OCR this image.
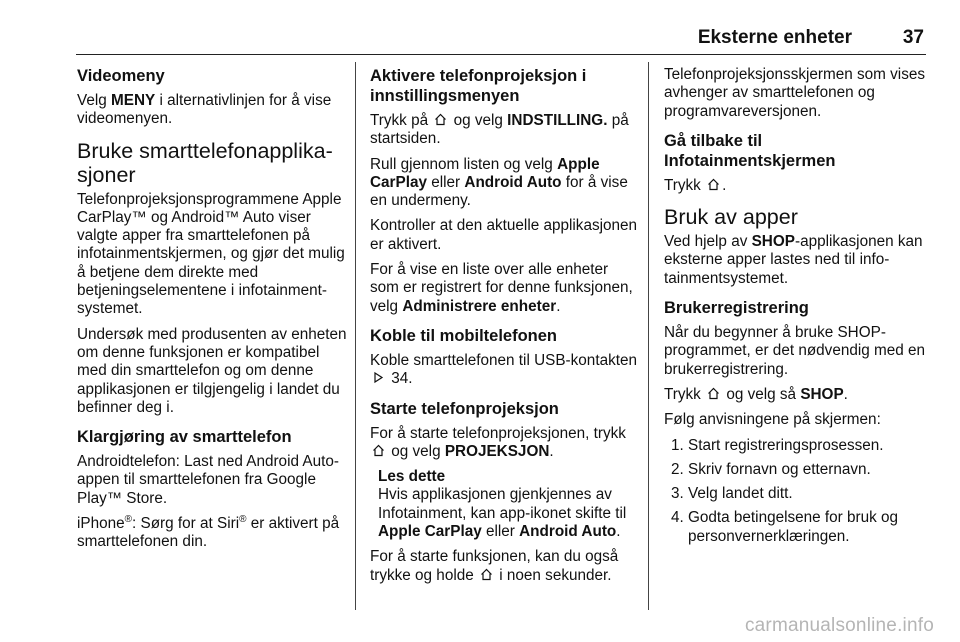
Eksterne enheter	37
Videomeny

Velg MENY i alternativlinjen for å vise videomenyen.

Bruke smarttelefonapplikasjoner

Telefonprojeksjonsprogrammene Apple CarPlay™ og Android™ Auto viser valgte apper fra smarttelefonen på infotainmentskjermen, og gjør det mulig å betjene dem direkte med betjeningselementene i infotainmentsystemet.

Undersøk med produsenten av enheten om denne funksjonen er kompatibel med din smarttelefon og om denne applikasjonen er tilgjengelig i landet du befinner deg i.

Klargjøring av smarttelefon

Androidtelefon: Last ned Android Auto-appen til smarttelefonen fra Google Play™ Store.

iPhone®: Sørg for at Siri® er aktivert på smarttelefonen din.

Aktivere telefonprojeksjon i innstillingsmenyen

Trykk på  og velg INDSTILLING. på startsiden.

Rull gjennom listen og velg Apple CarPlay eller Android Auto for å vise en undermeny.

Kontroller at den aktuelle applikasjonen er aktivert.

For å vise en liste over alle enheter som er registrert for denne funksjonen, velg Administrere enheter.

Koble til mobiltelefonen

Koble smarttelefonen til USB-kontakten  34.

Starte telefonprojeksjon

For å starte telefonprojeksjonen, trykk  og velg PROJEKSJON.

Les dette

Hvis applikasjonen gjenkjennes av Infotainment, kan app-ikonet skifte til Apple CarPlay eller Android Auto.

For å starte funksjonen, kan du også trykke og holde  i noen sekunder.

Telefonprojeksjonsskjermen som vises avhenger av smarttelefonen og programvareversjonen.

Gå tilbake til Infotainmentskjermen

Trykk .

Bruk av apper

Ved hjelp av SHOP-applikasjonen kan eksterne apper lastes ned til infotainmentsystemet.

Brukerregistrering

Når du begynner å bruke SHOP-programmet, er det nødvendig med en brukerregistrering.

Trykk  og velg så SHOP.

Følg anvisningene på skjermen:

1. Start registreringsprosessen.
2. Skriv fornavn og etternavn.
3. Velg landet ditt.
4. Godta betingelsene for bruk og personvernerklæringen.
carmanualsonline.info
